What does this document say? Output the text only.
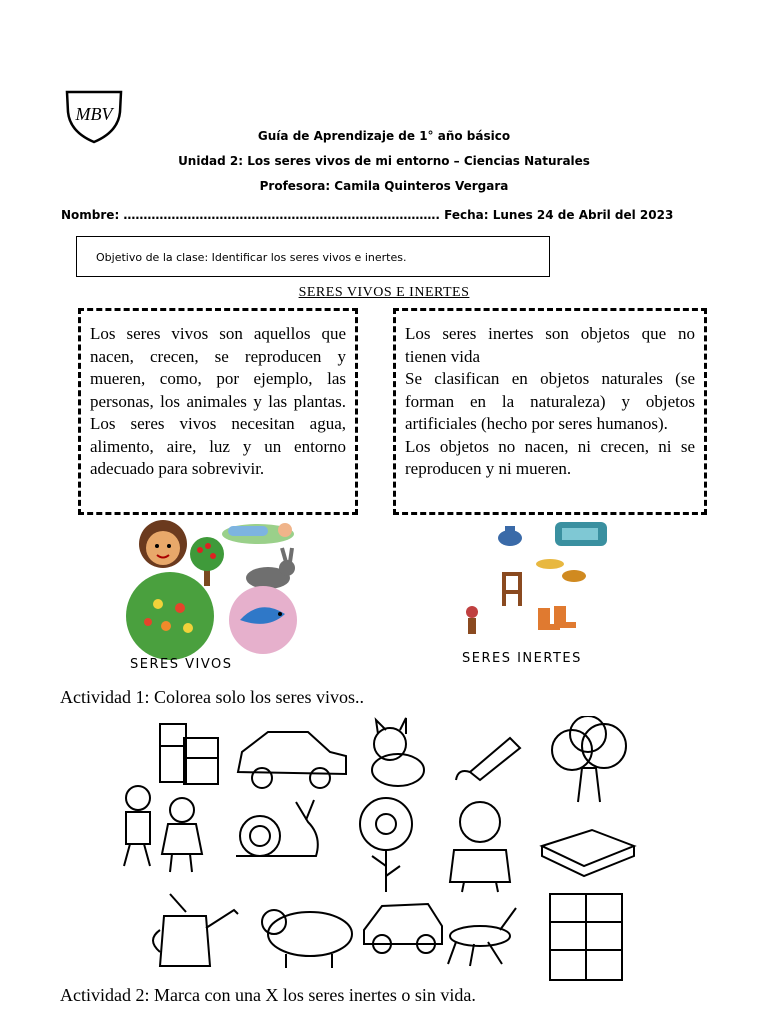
MBV
Guía de Aprendizaje de 1° año básico
Unidad 2: Los seres vivos de mi entorno – Ciencias Naturales
Profesora: Camila Quinteros Vergara
Nombre: ……………………………………………………………………. Fecha: Lunes 24 de Abril del 2023
Objetivo de la clase: Identificar los seres vivos e inertes.
SERES VIVOS E INERTES

Los seres vivos son aquellos que nacen, crecen, se reproducen y mueren, como, por ejemplo, las personas, los animales y las plantas. Los seres vivos necesitan agua, alimento, aire, luz y un entorno adecuado para sobrevivir.

Los seres inertes son objetos que no tienen vida

Se clasifican en objetos naturales (se forman en la naturaleza) y objetos artificiales (hecho por seres humanos).

Los objetos no nacen, ni crecen, ni se reproducen y ni mueren.

SERES VIVOS	SERES INERTES
Actividad 1: Colorea solo los seres vivos..
Actividad 2: Marca con una X los seres inertes o sin vida.
